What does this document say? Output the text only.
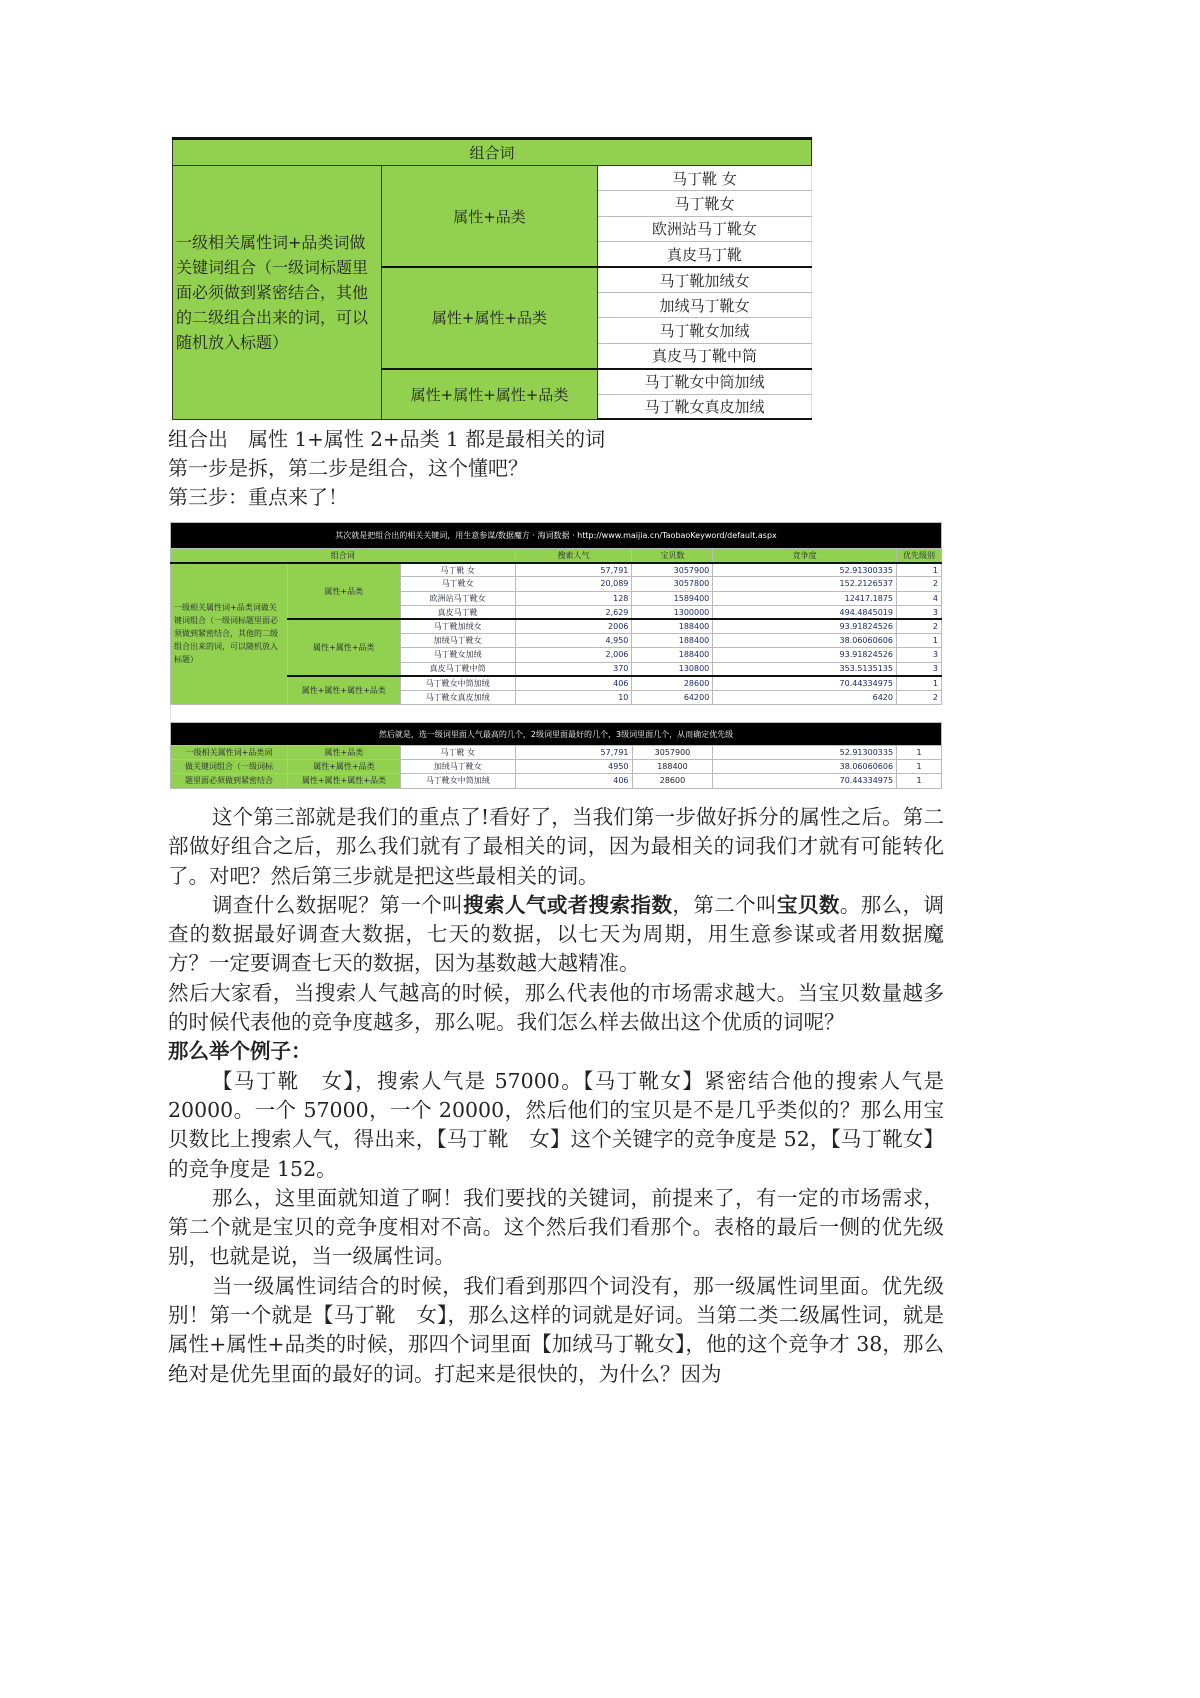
组合词		
一级相关属性词+品类词做关键词组合（一级词标题里面必须做到紧密结合，其他的二级组合出来的词，可以随机放入标题）	属性+品类	马丁靴 女
		马丁靴女
		欧洲站马丁靴女
		真皮马丁靴
	属性+属性+品类	马丁靴加绒女
		加绒马丁靴女
		马丁靴女加绒
		真皮马丁靴中筒
	属性+属性+属性+品类	马丁靴女中筒加绒
		马丁靴女真皮加绒
组合出　属性 1+属性 2+品类 1 都是最相关的词
第一步是拆，第二步是组合，这个懂吧？
第三步：重点来了！
其次就是把组合出的相关关键词，用生意参谋/数据魔方 · 淘词数据 · http://www.maijia.cn/TaobaoKeyword/default.aspx						
组合词			搜索人气	宝贝数	竞争度	优先级别
一级相关属性词+品类词做关键词组合（一级词标题里面必须做到紧密结合，其他的二级组合出来的词，可以随机放入标题）	属性+品类	马丁靴 女	57,791	3057900	52.91300335	1
		马丁靴女	20,089	3057800	152.2126537	2
		欧洲站马丁靴女	128	1589400	12417.1875	4
		真皮马丁靴	2,629	1300000	494.4845019	3
	属性+属性+品类	马丁靴加绒女	2006	188400	93.91824526	2
		加绒马丁靴女	4,950	188400	38.06060606	1
		马丁靴女加绒	2,006	188400	93.91824526	3
		真皮马丁靴中筒	370	130800	353.5135135	3
	属性+属性+属性+品类	马丁靴女中筒加绒	406	28600	70.44334975	1
		马丁靴女真皮加绒	10	64200	6420	2

然后就是，选一级词里面人气最高的几个，2级词里面最好的几个，3级词里面几个，从而确定优先级						
一级相关属性词+品类词	属性+品类	马丁靴 女	57,791	3057900	52.91300335	1
做关键词组合（一级词标	属性+属性+品类	加绒马丁靴女	4950	188400	38.06060606	1
题里面必须做到紧密结合	属性+属性+属性+品类	马丁靴女中筒加绒	406	28600	70.44334975	1

这个第三部就是我们的重点了!看好了，当我们第一步做好拆分的属性之后。第二部做好组合之后，那么我们就有了最相关的词，因为最相关的词我们才就有可能转化了。对吧？然后第三步就是把这些最相关的词。

调查什么数据呢？第一个叫搜索人气或者搜索指数，第二个叫宝贝数。那么，调查的数据最好调查大数据，七天的数据，以七天为周期，用生意参谋或者用数据魔方？一定要调查七天的数据，因为基数越大越精准。

然后大家看，当搜索人气越高的时候，那么代表他的市场需求越大。当宝贝数量越多的时候代表他的竞争度越多，那么呢。我们怎么样去做出这个优质的词呢？

那么举个例子：

【马丁靴　女】，搜索人气是 57000。【马丁靴女】紧密结合他的搜索人气是 20000。一个 57000，一个 20000，然后他们的宝贝是不是几乎类似的？那么用宝贝数比上搜索人气，得出来，【马丁靴　女】这个关键字的竞争度是 52，【马丁靴女】的竞争度是 152。

那么，这里面就知道了啊！我们要找的关键词，前提来了，有一定的市场需求，第二个就是宝贝的竞争度相对不高。这个然后我们看那个。表格的最后一侧的优先级别，也就是说，当一级属性词。

当一级属性词结合的时候，我们看到那四个词没有，那一级属性词里面。优先级别！第一个就是【马丁靴　女】，那么这样的词就是好词。当第二类二级属性词，就是属性+属性+品类的时候，那四个词里面【加绒马丁靴女】，他的这个竞争才 38，那么绝对是优先里面的最好的词。打起来是很快的，为什么？因为
